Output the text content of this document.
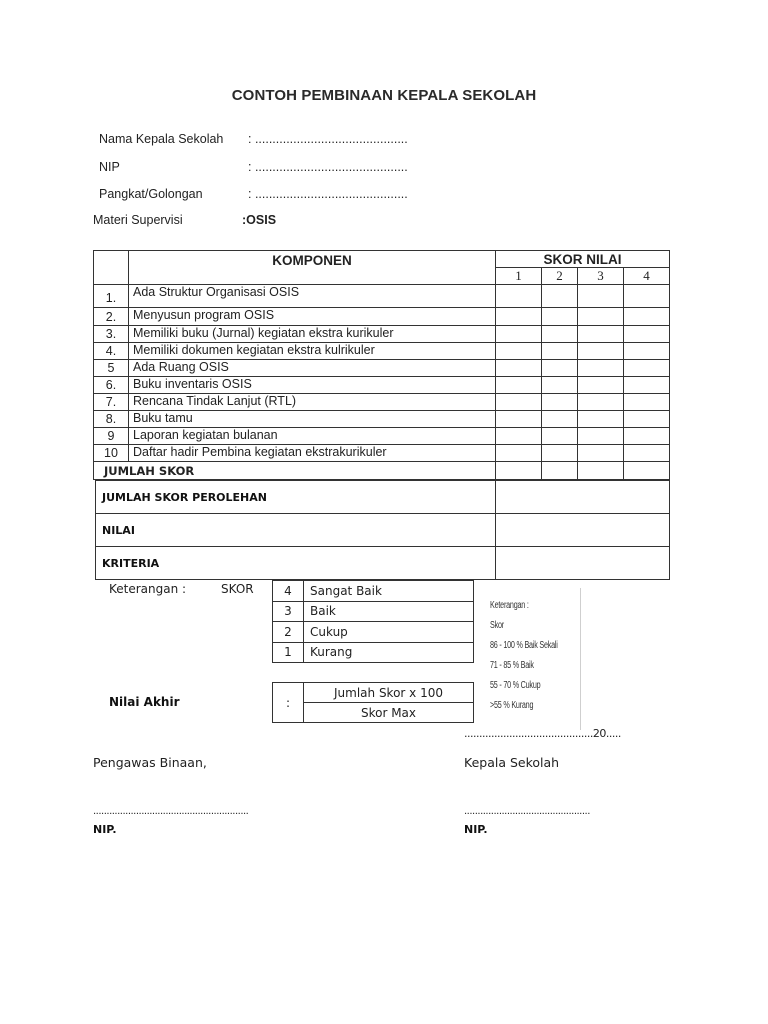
CONTOH PEMBINAAN KEPALA SEKOLAH
Nama Kepala Sekolah : ............................................
NIP	: ............................................
Pangkat/Golongan	: ............................................
Materi Supervisi	:OSIS
	KOMPONEN	SKOR NILAI			
		1	2	3	4
1.	Ada Struktur Organisasi OSIS				
2.	Menyusun program OSIS				
3.	Memiliki buku (Jurnal) kegiatan ekstra kurikuler				
4.	Memiliki dokumen kegiatan ekstra kulrikuler				
5	Ada Ruang OSIS				
6.	Buku inventaris OSIS				
7.	Rencana Tindak Lanjut (RTL)				
8.	Buku tamu				
9	Laporan kegiatan bulanan				
10	Daftar hadir Pembina kegiatan ekstrakurikuler				
JUMLAH SKOR					
JUMLAH SKOR PEROLEHAN	
NILAI	
KRITERIA	
Keterangan :	SKOR	4	Sangat Baik
3	Baik
2	Cukup
1	Kurang
Keterangan :
Skor
86 - 100 % Baik Sekali
71 - 85 % Baik
55 - 70 % Cukup
>55 % Kurang
Nilai Akhir	:	Jumlah Skor x 100
Skor Max
...........................................20.....
Pengawas Binaan,	Kepala Sekolah
..........................................................	...............................................
NIP.	NIP.
